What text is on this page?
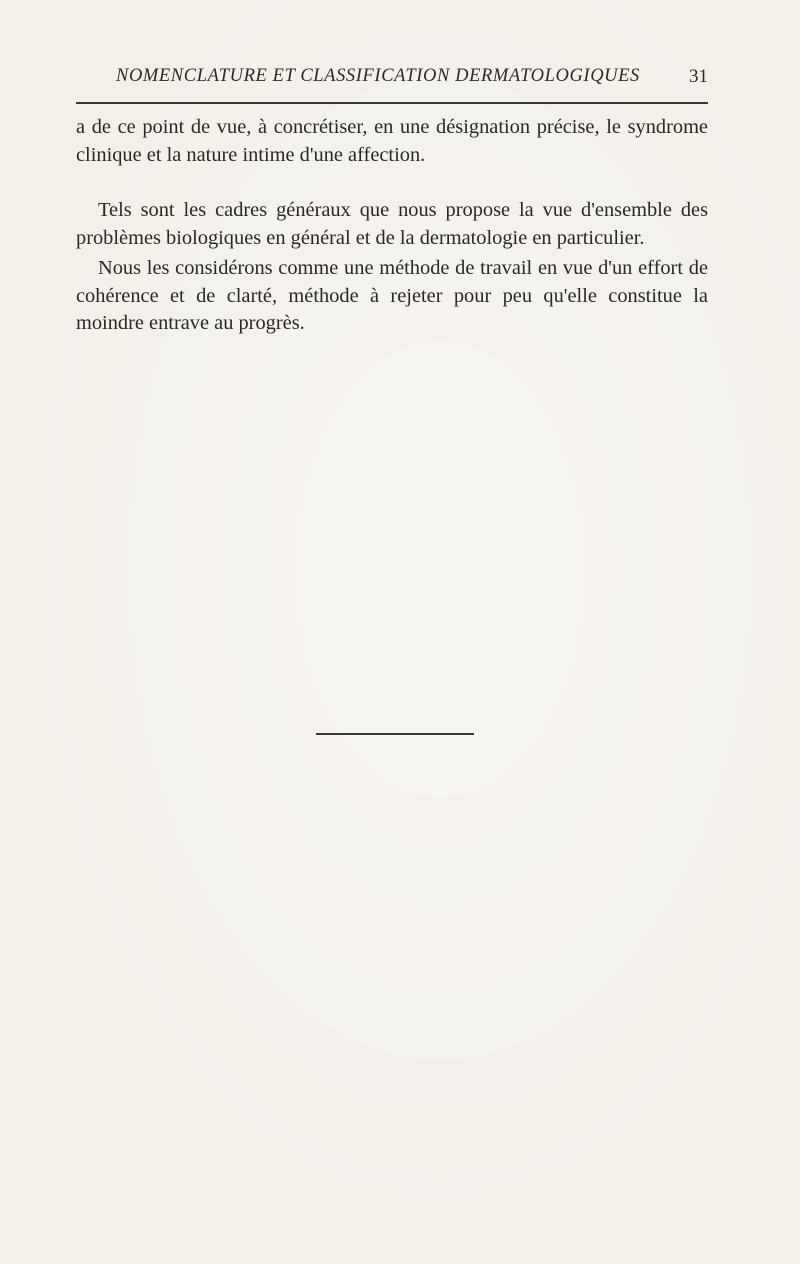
NOMENCLATURE ET CLASSIFICATION DERMATOLOGIQUES	31

a de ce point de vue, à concrétiser, en une désignation précise, le syndrome clinique et la nature intime d'une affection.

Tels sont les cadres généraux que nous propose la vue d'ensemble des problèmes biologiques en général et de la dermatologie en particulier.

Nous les considérons comme une méthode de travail en vue d'un effort de cohérence et de clarté, méthode à rejeter pour peu qu'elle constitue la moindre entrave au progrès.
